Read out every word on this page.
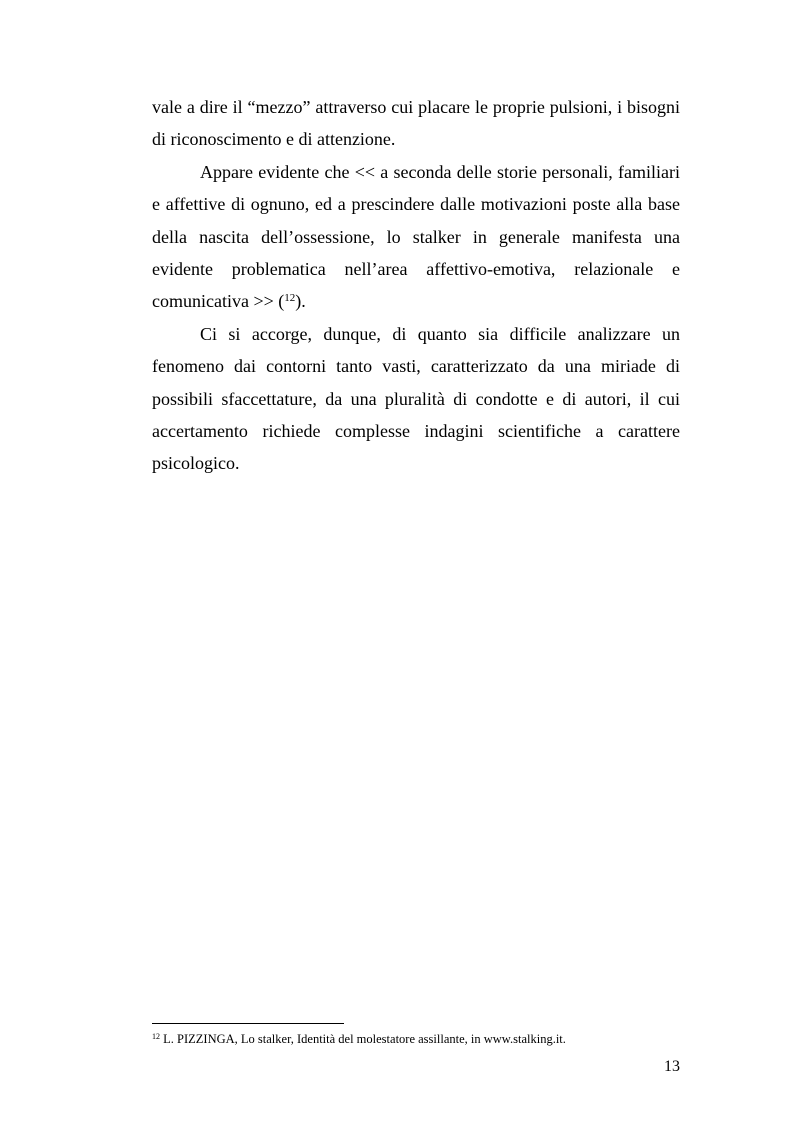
vale a dire il “mezzo” attraverso cui placare le proprie pulsioni, i bisogni di riconoscimento e di attenzione.

Appare evidente che << a seconda delle storie personali, familiari e affettive di ognuno, ed a prescindere dalle motivazioni poste alla base della nascita dell’ossessione, lo stalker in generale manifesta una evidente problematica nell’area affettivo-emotiva, relazionale e comunicativa >> ($^{12}$).

Ci si accorge, dunque, di quanto sia difficile analizzare un fenomeno dai contorni tanto vasti, caratterizzato da una miriade di possibili sfaccettature, da una pluralità di condotte e di autori, il cui accertamento richiede complesse indagini scientifiche a carattere psicologico.

$^{12}$ L. PIZZINGA, Lo stalker, Identità del molestatore assillante, in www.stalking.it.
13
